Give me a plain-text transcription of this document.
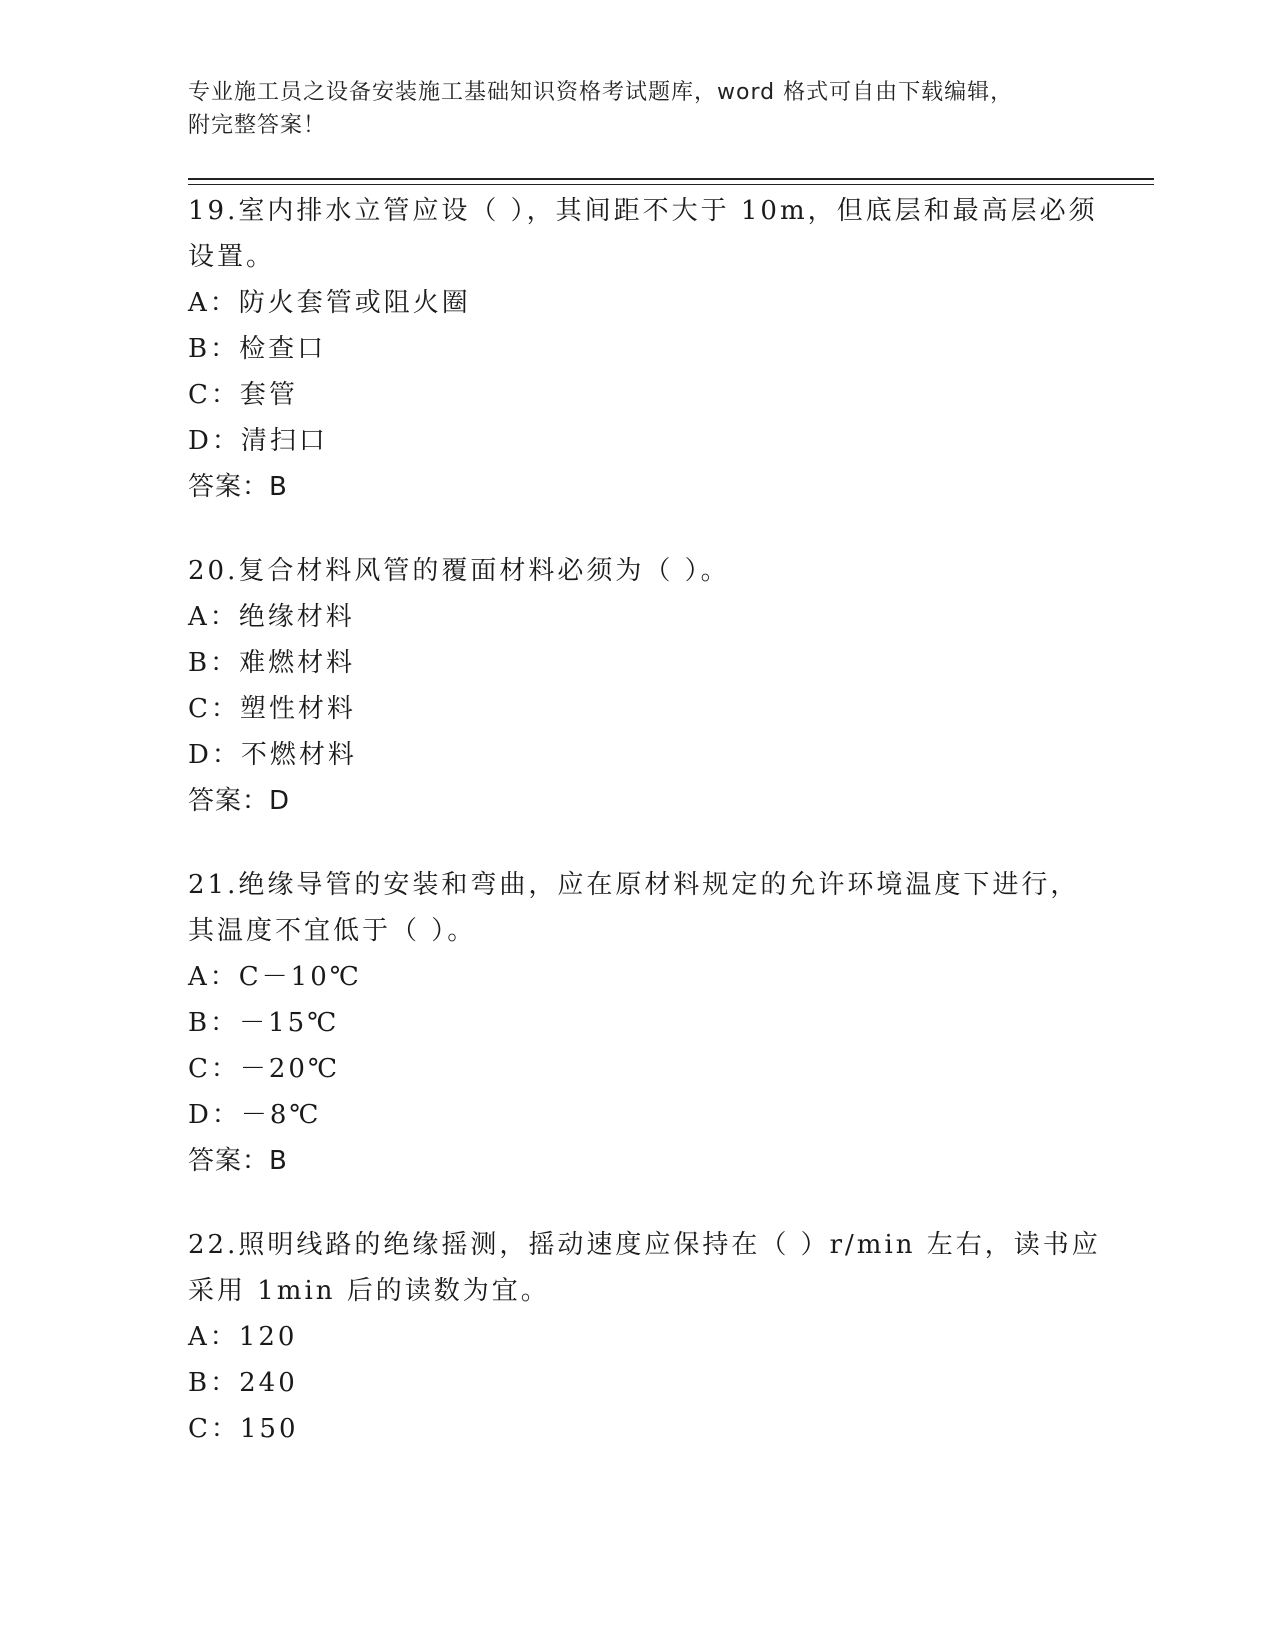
专业施工员之设备安装施工基础知识资格考试题库，word 格式可自由下载编辑，
附完整答案！
19.室内排水立管应设（ ），其间距不大于 10m，但底层和最高层必须
设置。
A：防火套管或阻火圈
B：检查口
C：套管
D：清扫口
答案：B
20.复合材料风管的覆面材料必须为（ ）。
A：绝缘材料
B：难燃材料
C：塑性材料
D：不燃材料
答案：D
21.绝缘导管的安装和弯曲，应在原材料规定的允许环境温度下进行，
其温度不宜低于（ ）。
A：C－10℃
B：－15℃
C：－20℃
D：－8℃
答案：B
22.照明线路的绝缘摇测，摇动速度应保持在（ ）r/min 左右，读书应
采用 1min 后的读数为宜。
A：120
B：240
C：150
